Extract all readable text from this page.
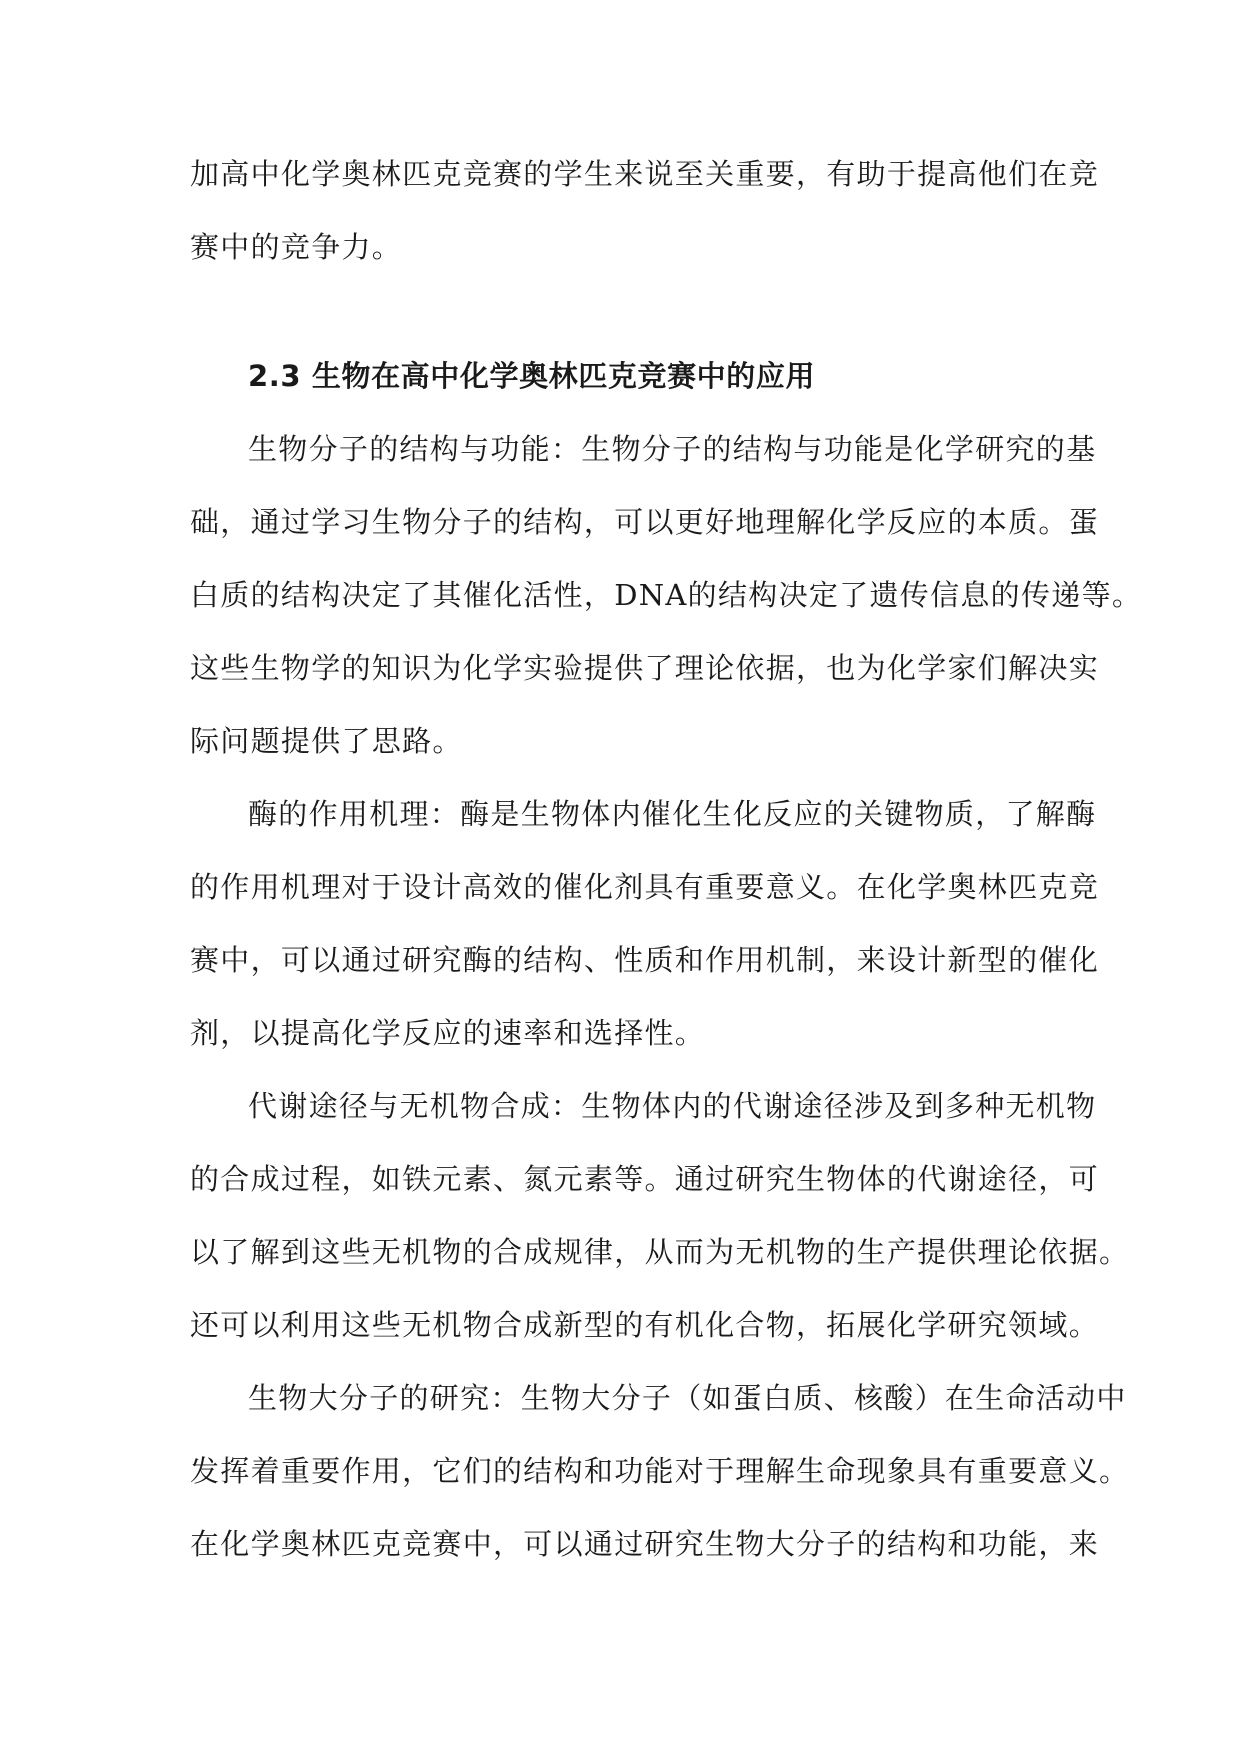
加高中化学奥林匹克竞赛的学生来说至关重要，有助于提高他们在竞
赛中的竞争力。
2.3 生物在高中化学奥林匹克竞赛中的应用
生物分子的结构与功能：生物分子的结构与功能是化学研究的基
础，通过学习生物分子的结构，可以更好地理解化学反应的本质。蛋
白质的结构决定了其催化活性，DNA的结构决定了遗传信息的传递等。
这些生物学的知识为化学实验提供了理论依据，也为化学家们解决实
际问题提供了思路。
酶的作用机理：酶是生物体内催化生化反应的关键物质，了解酶
的作用机理对于设计高效的催化剂具有重要意义。在化学奥林匹克竞
赛中，可以通过研究酶的结构、性质和作用机制，来设计新型的催化
剂，以提高化学反应的速率和选择性。
代谢途径与无机物合成：生物体内的代谢途径涉及到多种无机物
的合成过程，如铁元素、氮元素等。通过研究生物体的代谢途径，可
以了解到这些无机物的合成规律，从而为无机物的生产提供理论依据。
还可以利用这些无机物合成新型的有机化合物，拓展化学研究领域。
生物大分子的研究：生物大分子（如蛋白质、核酸）在生命活动中
发挥着重要作用，它们的结构和功能对于理解生命现象具有重要意义。
在化学奥林匹克竞赛中，可以通过研究生物大分子的结构和功能，来
